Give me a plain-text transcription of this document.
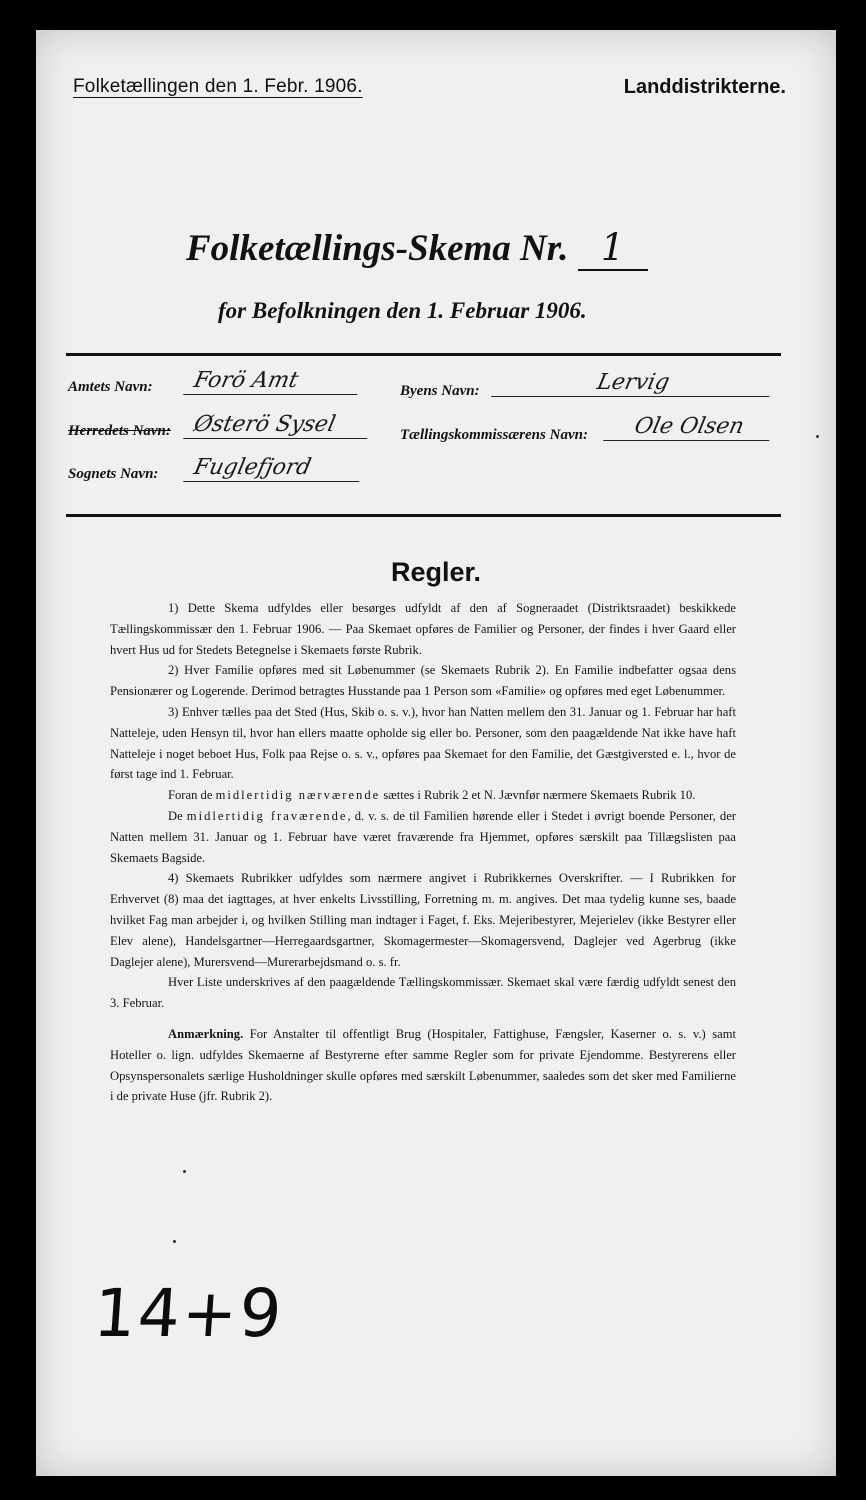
Folketællingen den 1. Febr. 1906.	Landdistrikterne.
Folketællings-Skema Nr. 1
for Befolkningen den 1. Februar 1906.
Amtets Navn:	Forö Amt	Byens Navn:	Lervig
Herredets Navn: Østerö Sysel	Tællingskommissærens Navn:	Ole Olsen
Sognets Navn:	Fuglefjord
Regler.

1) Dette Skema udfyldes eller besørges udfyldt af den af Sogneraadet (Distriktsraadet) beskikkede Tællingskommissær den 1. Februar 1906. — Paa Skemaet opføres de Familier og Personer, der findes i hver Gaard eller hvert Hus ud for Stedets Betegnelse i Skemaets første Rubrik.

2) Hver Familie opføres med sit Løbenummer (se Skemaets Rubrik 2). En Familie indbefatter ogsaa dens Pensionærer og Logerende. Derimod betragtes Husstande paa 1 Person som «Familie» og opføres med eget Løbenummer.

3) Enhver tælles paa det Sted (Hus, Skib o. s. v.), hvor han Natten mellem den 31. Januar og 1. Februar har haft Natteleje, uden Hensyn til, hvor han ellers maatte opholde sig eller bo. Personer, som den paagældende Nat ikke have haft Natteleje i noget beboet Hus, Folk paa Rejse o. s. v., opføres paa Skemaet for den Familie, det Gæstgiversted e. l., hvor de først tage ind 1. Februar.

Foran de midlertidig nærværende sættes i Rubrik 2 et N. Jævnfør nærmere Skemaets Rubrik 10.

De midlertidig fraværende, d. v. s. de til Familien hørende eller i Stedet i øvrigt boende Personer, der Natten mellem 31. Januar og 1. Februar have været fraværende fra Hjemmet, opføres særskilt paa Tillægslisten paa Skemaets Bagside.

4) Skemaets Rubrikker udfyldes som nærmere angivet i Rubrikkernes Overskrifter. — I Rubrikken for Erhvervet (8) maa det iagttages, at hver enkelts Livsstilling, Forretning m. m. angives. Det maa tydelig kunne ses, baade hvilket Fag man arbejder i, og hvilken Stilling man indtager i Faget, f. Eks. Mejeribestyrer, Mejerielev (ikke Bestyrer eller Elev alene), Handelsgartner—Herregaardsgartner, Skomagermester—Skomagersvend, Daglejer ved Agerbrug (ikke Daglejer alene), Murersvend—Murerarbejdsmand o. s. fr.

Hver Liste underskrives af den paagældende Tællingskommissær. Skemaet skal være færdig udfyldt senest den 3. Februar.

Anmærkning. For Anstalter til offentligt Brug (Hospitaler, Fattighuse, Fængsler, Kaserner o. s. v.) samt Hoteller o. lign. udfyldes Skemaerne af Bestyrerne efter samme Regler som for private Ejendomme. Bestyrerens eller Opsynspersonalets særlige Husholdninger skulle opføres med særskilt Løbenummer, saaledes som det sker med Familierne i de private Huse (jfr. Rubrik 2).

14+9
